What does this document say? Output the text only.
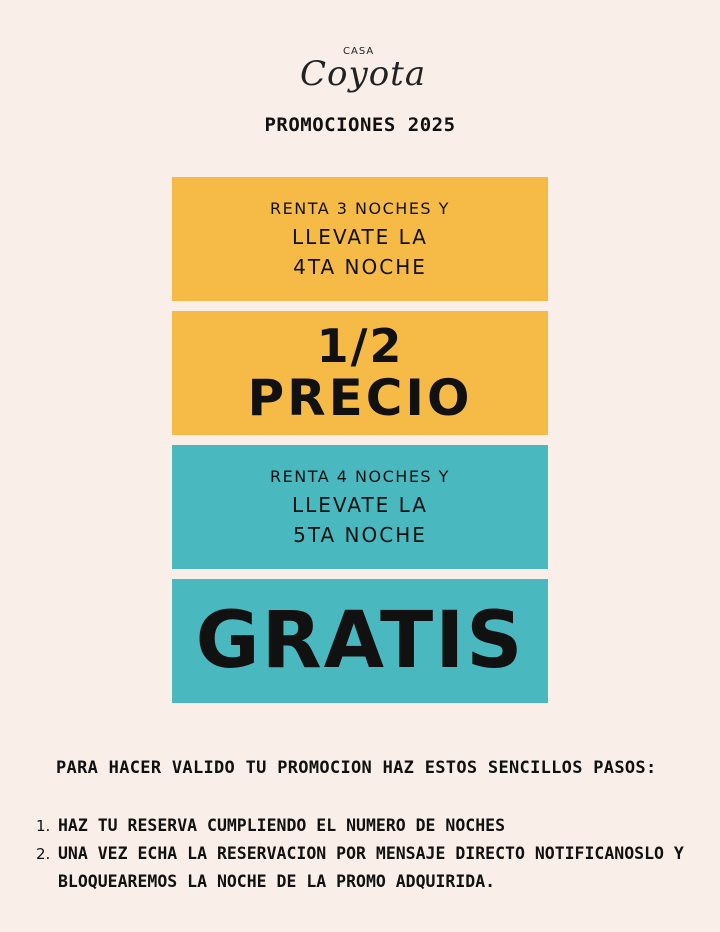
CASA
Coyota
PROMOCIONES 2025
RENTA 3 NOCHES Y
LLEVATE LA
4TA NOCHE
1/2
PRECIO
RENTA 4 NOCHES Y
LLEVATE LA
5TA NOCHE
GRATIS
PARA HACER VALIDO TU PROMOCION HAZ ESTOS SENCILLOS PASOS:
1. HAZ TU RESERVA CUMPLIENDO EL NUMERO DE NOCHES
2. UNA VEZ ECHA LA RESERVACION POR MENSAJE DIRECTO NOTIFICANOSLO Y BLOQUEAREMOS LA NOCHE DE LA PROMO ADQUIRIDA.
